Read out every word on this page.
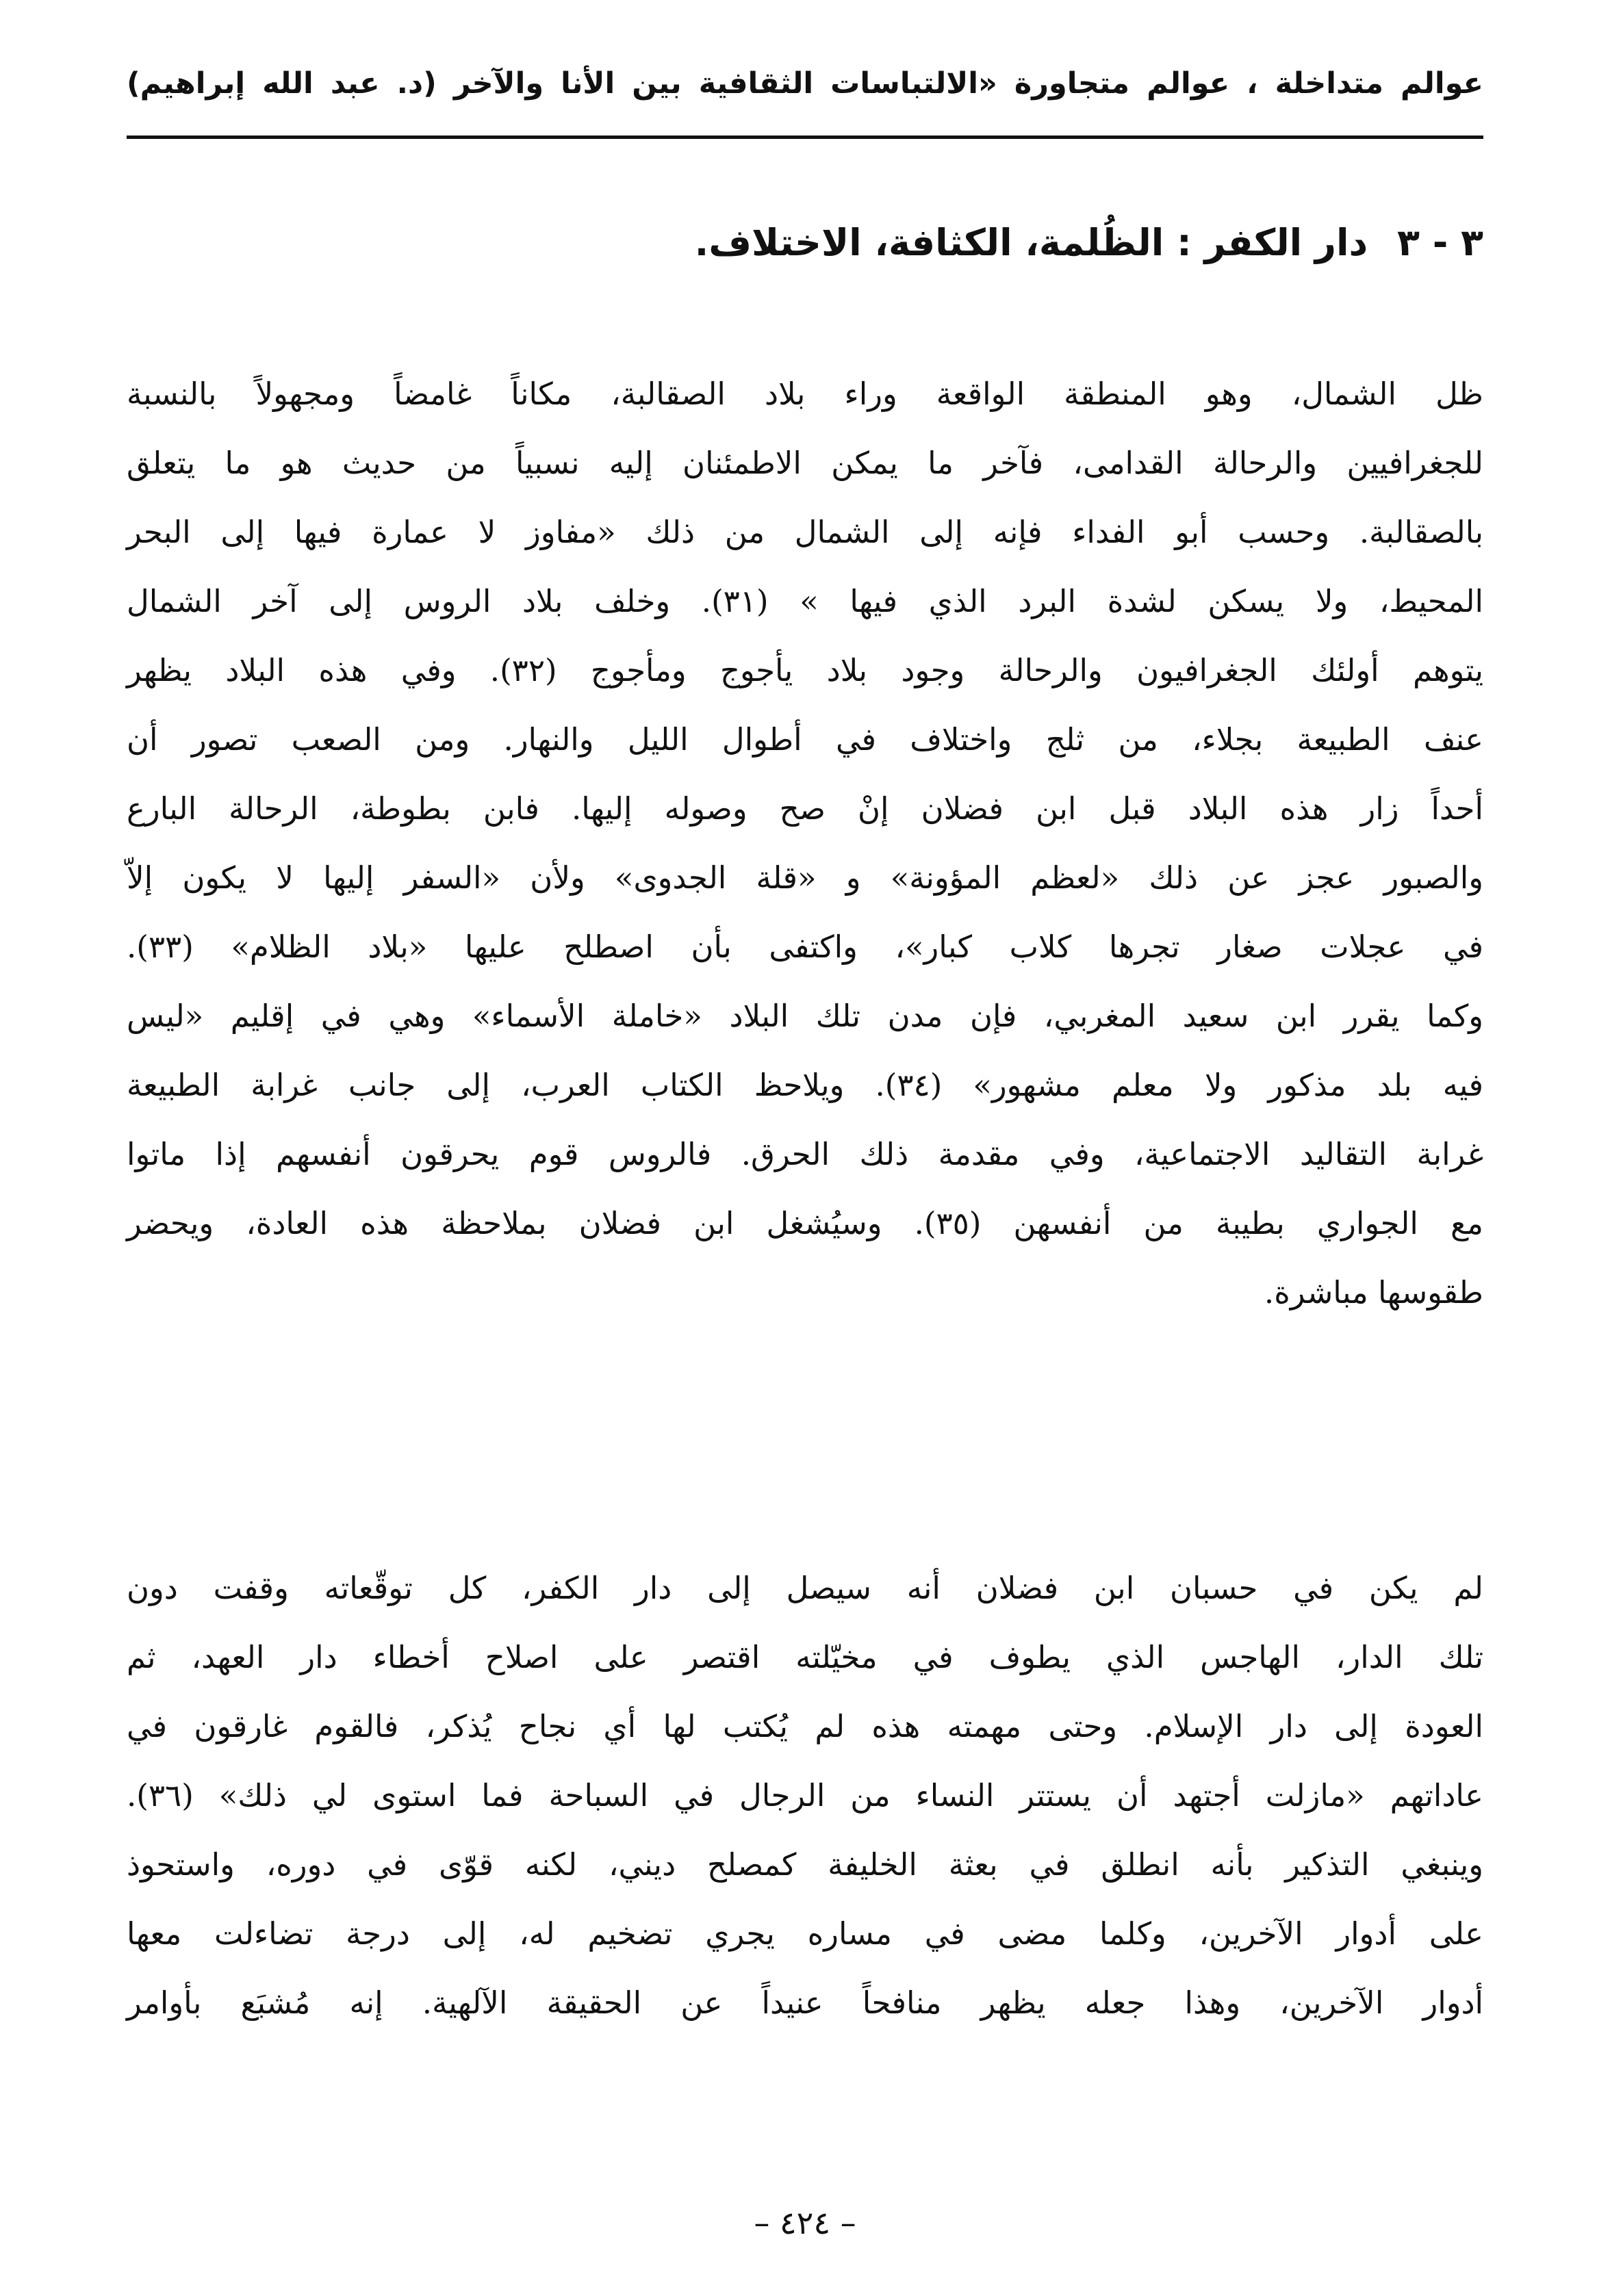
عوالم متداخلة ، عوالم متجاورة «الالتباسات الثقافية بين الأنا والآخر (د. عبد الله إبراهيم)
٣ - ٣ دار الكفر : الظُلمة، الكثافة، الاختلاف.

ظل الشمال، وهو المنطقة الواقعة وراء بلاد الصقالبة، مكاناً غامضاً ومجهولاً بالنسبة
للجغرافيين والرحالة القدامى، فآخر ما يمكن الاطمئنان إليه نسبياً من حديث هو ما يتعلق
بالصقالبة. وحسب أبو الفداء فإنه إلى الشمال من ذلك «مفاوز لا عمارة فيها إلى البحر
المحيط، ولا يسكن لشدة البرد الذي فيها » (٣١). وخلف بلاد الروس إلى آخر الشمال
يتوهم أولئك الجغرافيون والرحالة وجود بلاد يأجوج ومأجوج (٣٢). وفي هذه البلاد يظهر
عنف الطبيعة بجلاء، من ثلج واختلاف في أطوال الليل والنهار. ومن الصعب تصور أن
أحداً زار هذه البلاد قبل ابن فضلان إنْ صح وصوله إليها. فابن بطوطة، الرحالة البارع
والصبور عجز عن ذلك «لعظم المؤونة» و «قلة الجدوى» ولأن «السفر إليها لا يكون إلاّ
في عجلات صغار تجرها كلاب كبار»، واكتفى بأن اصطلح عليها «بلاد الظلام» (٣٣).
وكما يقرر ابن سعيد المغربي، فإن مدن تلك البلاد «خاملة الأسماء» وهي في إقليم «ليس
فيه بلد مذكور ولا معلم مشهور» (٣٤). ويلاحظ الكتاب العرب، إلى جانب غرابة الطبيعة
غرابة التقاليد الاجتماعية، وفي مقدمة ذلك الحرق. فالروس قوم يحرقون أنفسهم إذا ماتوا
مع الجواري بطيبة من أنفسهن (٣٥). وسيُشغل ابن فضلان بملاحظة هذه العادة، ويحضر
طقوسها مباشرة.

لم يكن في حسبان ابن فضلان أنه سيصل إلى دار الكفر، كل توقّعاته وقفت دون
تلك الدار، الهاجس الذي يطوف في مخيّلته اقتصر على اصلاح أخطاء دار العهد، ثم
العودة إلى دار الإسلام. وحتى مهمته هذه لم يُكتب لها أي نجاح يُذكر، فالقوم غارقون في
عاداتهم «مازلت أجتهد أن يستتر النساء من الرجال في السباحة فما استوى لي ذلك» (٣٦).
وينبغي التذكير بأنه انطلق في بعثة الخليفة كمصلح ديني، لكنه قوّى في دوره، واستحوذ
على أدوار الآخرين، وكلما مضى في مساره يجري تضخيم له، إلى درجة تضاءلت معها
أدوار الآخرين، وهذا جعله يظهر منافحاً عنيداً عن الحقيقة الآلهية. إنه مُشبَع بأوامر

– ٤٢٤ –
